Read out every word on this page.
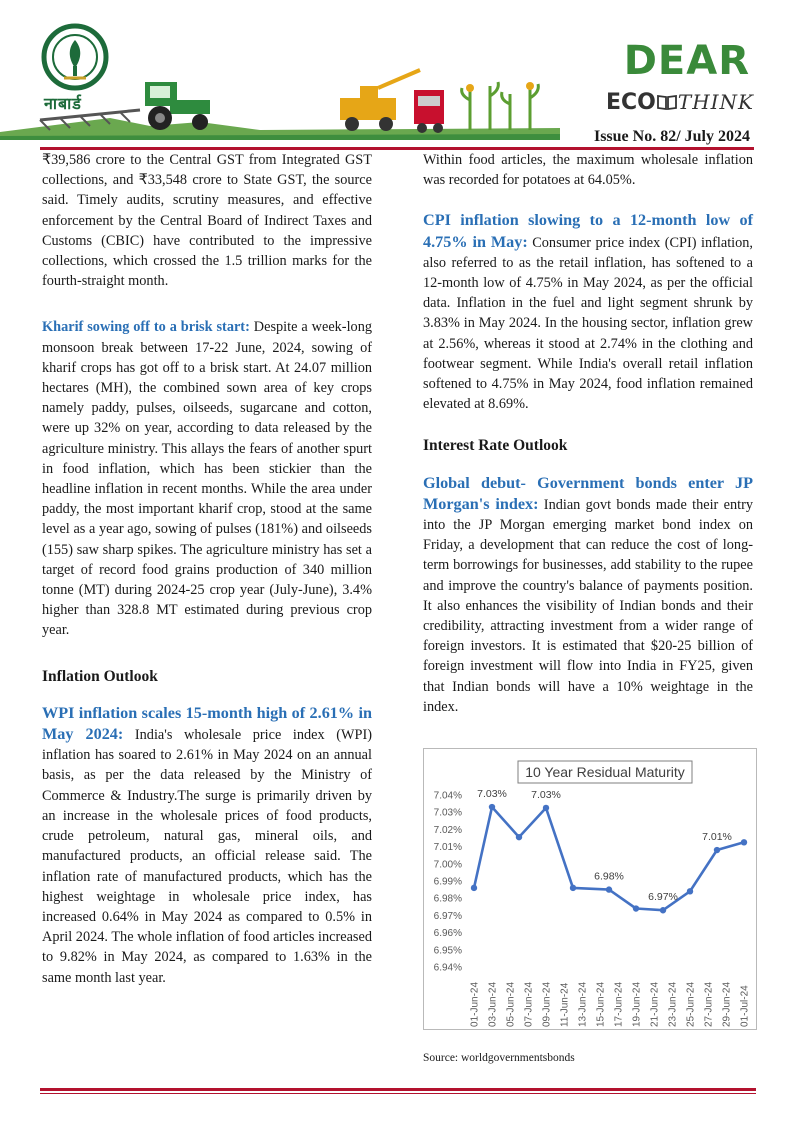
नाबार्ड
DEAR
ECO THINK
Issue No. 82/ July 2024

₹39,586 crore to the Central GST from Integrated GST collections, and ₹33,548 crore to State GST, the source said. Timely audits, scrutiny measures, and effective enforcement by the Central Board of Indirect Taxes and Customs (CBIC) have contributed to the impressive collections, which crossed the 1.5 trillion marks for the fourth-straight month.

Kharif sowing off to a brisk start: Despite a week-long monsoon break between 17-22 June, 2024, sowing of kharif crops has got off to a brisk start. At 24.07 million hectares (MH), the combined sown area of key crops namely paddy, pulses, oilseeds, sugarcane and cotton, were up 32% on year, according to data released by the agriculture ministry. This allays the fears of another spurt in food inflation, which has been stickier than the headline inflation in recent months. While the area under paddy, the most important kharif crop, stood at the same level as a year ago, sowing of pulses (181%) and oilseeds (155) saw sharp spikes. The agriculture ministry has set a target of record food grains production of 340 million tonne (MT) during 2024-25 crop year (July-June), 3.4% higher than 328.8 MT estimated during previous crop year.

Inflation Outlook

WPI inflation scales 15-month high of 2.61% in May 2024: India's wholesale price index (WPI) inflation has soared to 2.61% in May 2024 on an annual basis, as per the data released by the Ministry of Commerce & Industry.The surge is primarily driven by an increase in the wholesale prices of food products, crude petroleum, natural gas, mineral oils, and manufactured products, an official release said. The inflation rate of manufactured products, which has the highest weightage in wholesale price index, has increased 0.64% in May 2024 as compared to 0.5% in April 2024. The whole inflation of food articles increased to 9.82% in May 2024, as compared to 1.63% in the same month last year.

Within food articles, the maximum wholesale inflation was recorded for potatoes at 64.05%.

CPI inflation slowing to a 12-month low of 4.75% in May: Consumer price index (CPI) inflation, also referred to as the retail inflation, has softened to a 12-month low of 4.75% in May 2024, as per the official data. Inflation in the fuel and light segment shrunk by 3.83% in May 2024. In the housing sector, inflation grew at 2.56%, whereas it stood at 2.74% in the clothing and footwear segment. While India's overall retail inflation softened to 4.75% in May 2024, food inflation remained elevated at 8.69%.

Interest Rate Outlook

Global debut- Government bonds enter JP Morgan's index: Indian govt bonds made their entry into the JP Morgan emerging market bond index on Friday, a development that can reduce the cost of long-term borrowings for businesses, add stability to the rupee and improve the country's balance of payments position. It also enhances the visibility of Indian bonds and their credibility, attracting investment from a wider range of foreign investors. It is estimated that $20-25 billion of foreign investment will flow into India in FY25, given that Indian bonds will have a 10% weightage in the index.

10 Year Residual Maturity
6.94%
6.95%
6.96%
6.97%
6.98%
6.99%
7.00%
7.01%
7.02%
7.03%
7.04%
01-Jun-24 03-Jun-24 05-Jun-24 07-Jun-24 09-Jun-24 11-Jun-24 13-Jun-24 15-Jun-24 17-Jun-24 19-Jun-24 21-Jun-24 23-Jun-24 25-Jun-24 27-Jun-24 29-Jun-24 01-Jul-24
7.03% 7.03%
6.98%
6.97%
7.01%
Source: worldgovernmentsbonds
